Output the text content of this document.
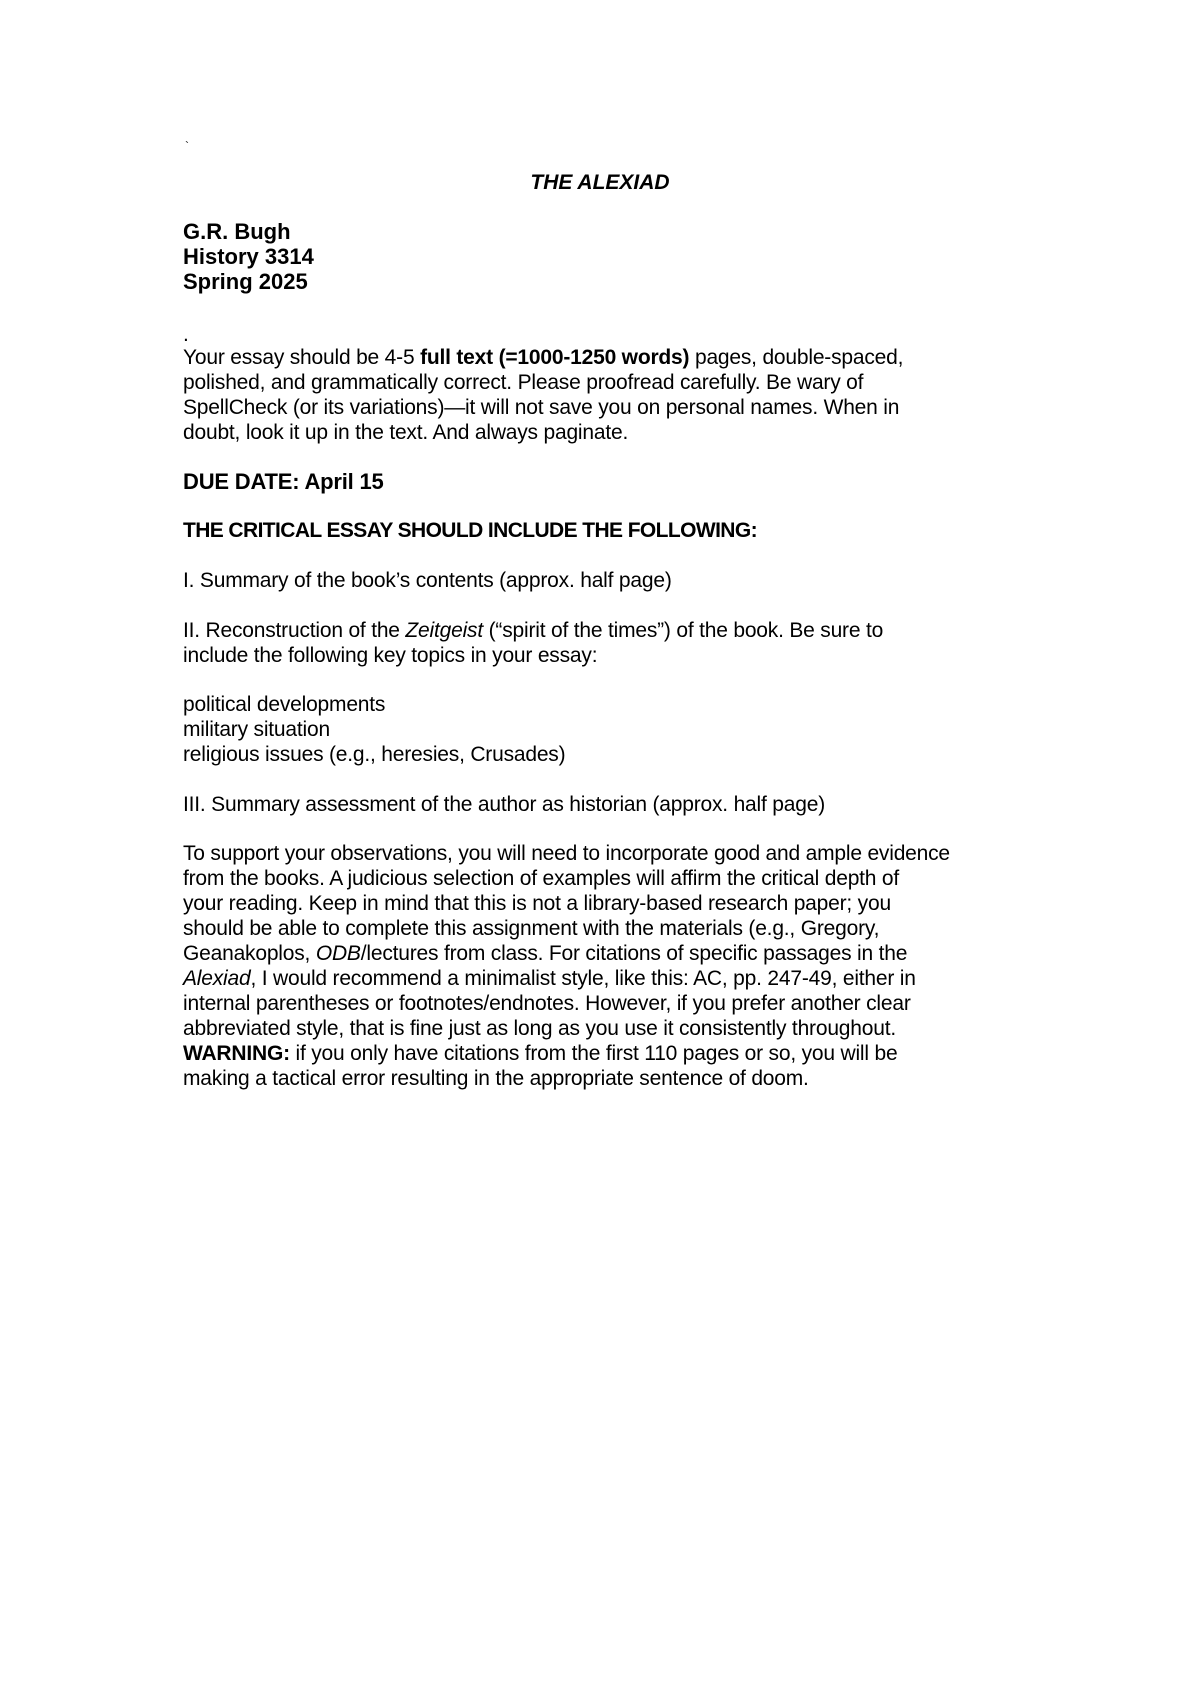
`
THE ALEXIAD
G.R. Bugh
History 3314
Spring 2025
.
Your essay should be 4-5 full text (=1000-1250 words) pages, double-spaced,
polished, and grammatically correct. Please proofread carefully. Be wary of
SpellCheck (or its variations)—it will not save you on personal names. When in
doubt, look it up in the text. And always paginate.
DUE DATE: April 15
THE CRITICAL ESSAY SHOULD INCLUDE THE FOLLOWING:
I. Summary of the book’s contents (approx. half page)
II. Reconstruction of the Zeitgeist (“spirit of the times”) of the book. Be sure to
include the following key topics in your essay:
political developments
military situation
religious issues (e.g., heresies, Crusades)
III. Summary assessment of the author as historian (approx. half page)
To support your observations, you will need to incorporate good and ample evidence
from the books. A judicious selection of examples will affirm the critical depth of
your reading. Keep in mind that this is not a library-based research paper; you
should be able to complete this assignment with the materials (e.g., Gregory,
Geanakoplos, ODB/lectures from class. For citations of specific passages in the
Alexiad, I would recommend a minimalist style, like this: AC, pp. 247-49, either in
internal parentheses or footnotes/endnotes. However, if you prefer another clear
abbreviated style, that is fine just as long as you use it consistently throughout.
WARNING: if you only have citations from the first 110 pages or so, you will be
making a tactical error resulting in the appropriate sentence of doom.
